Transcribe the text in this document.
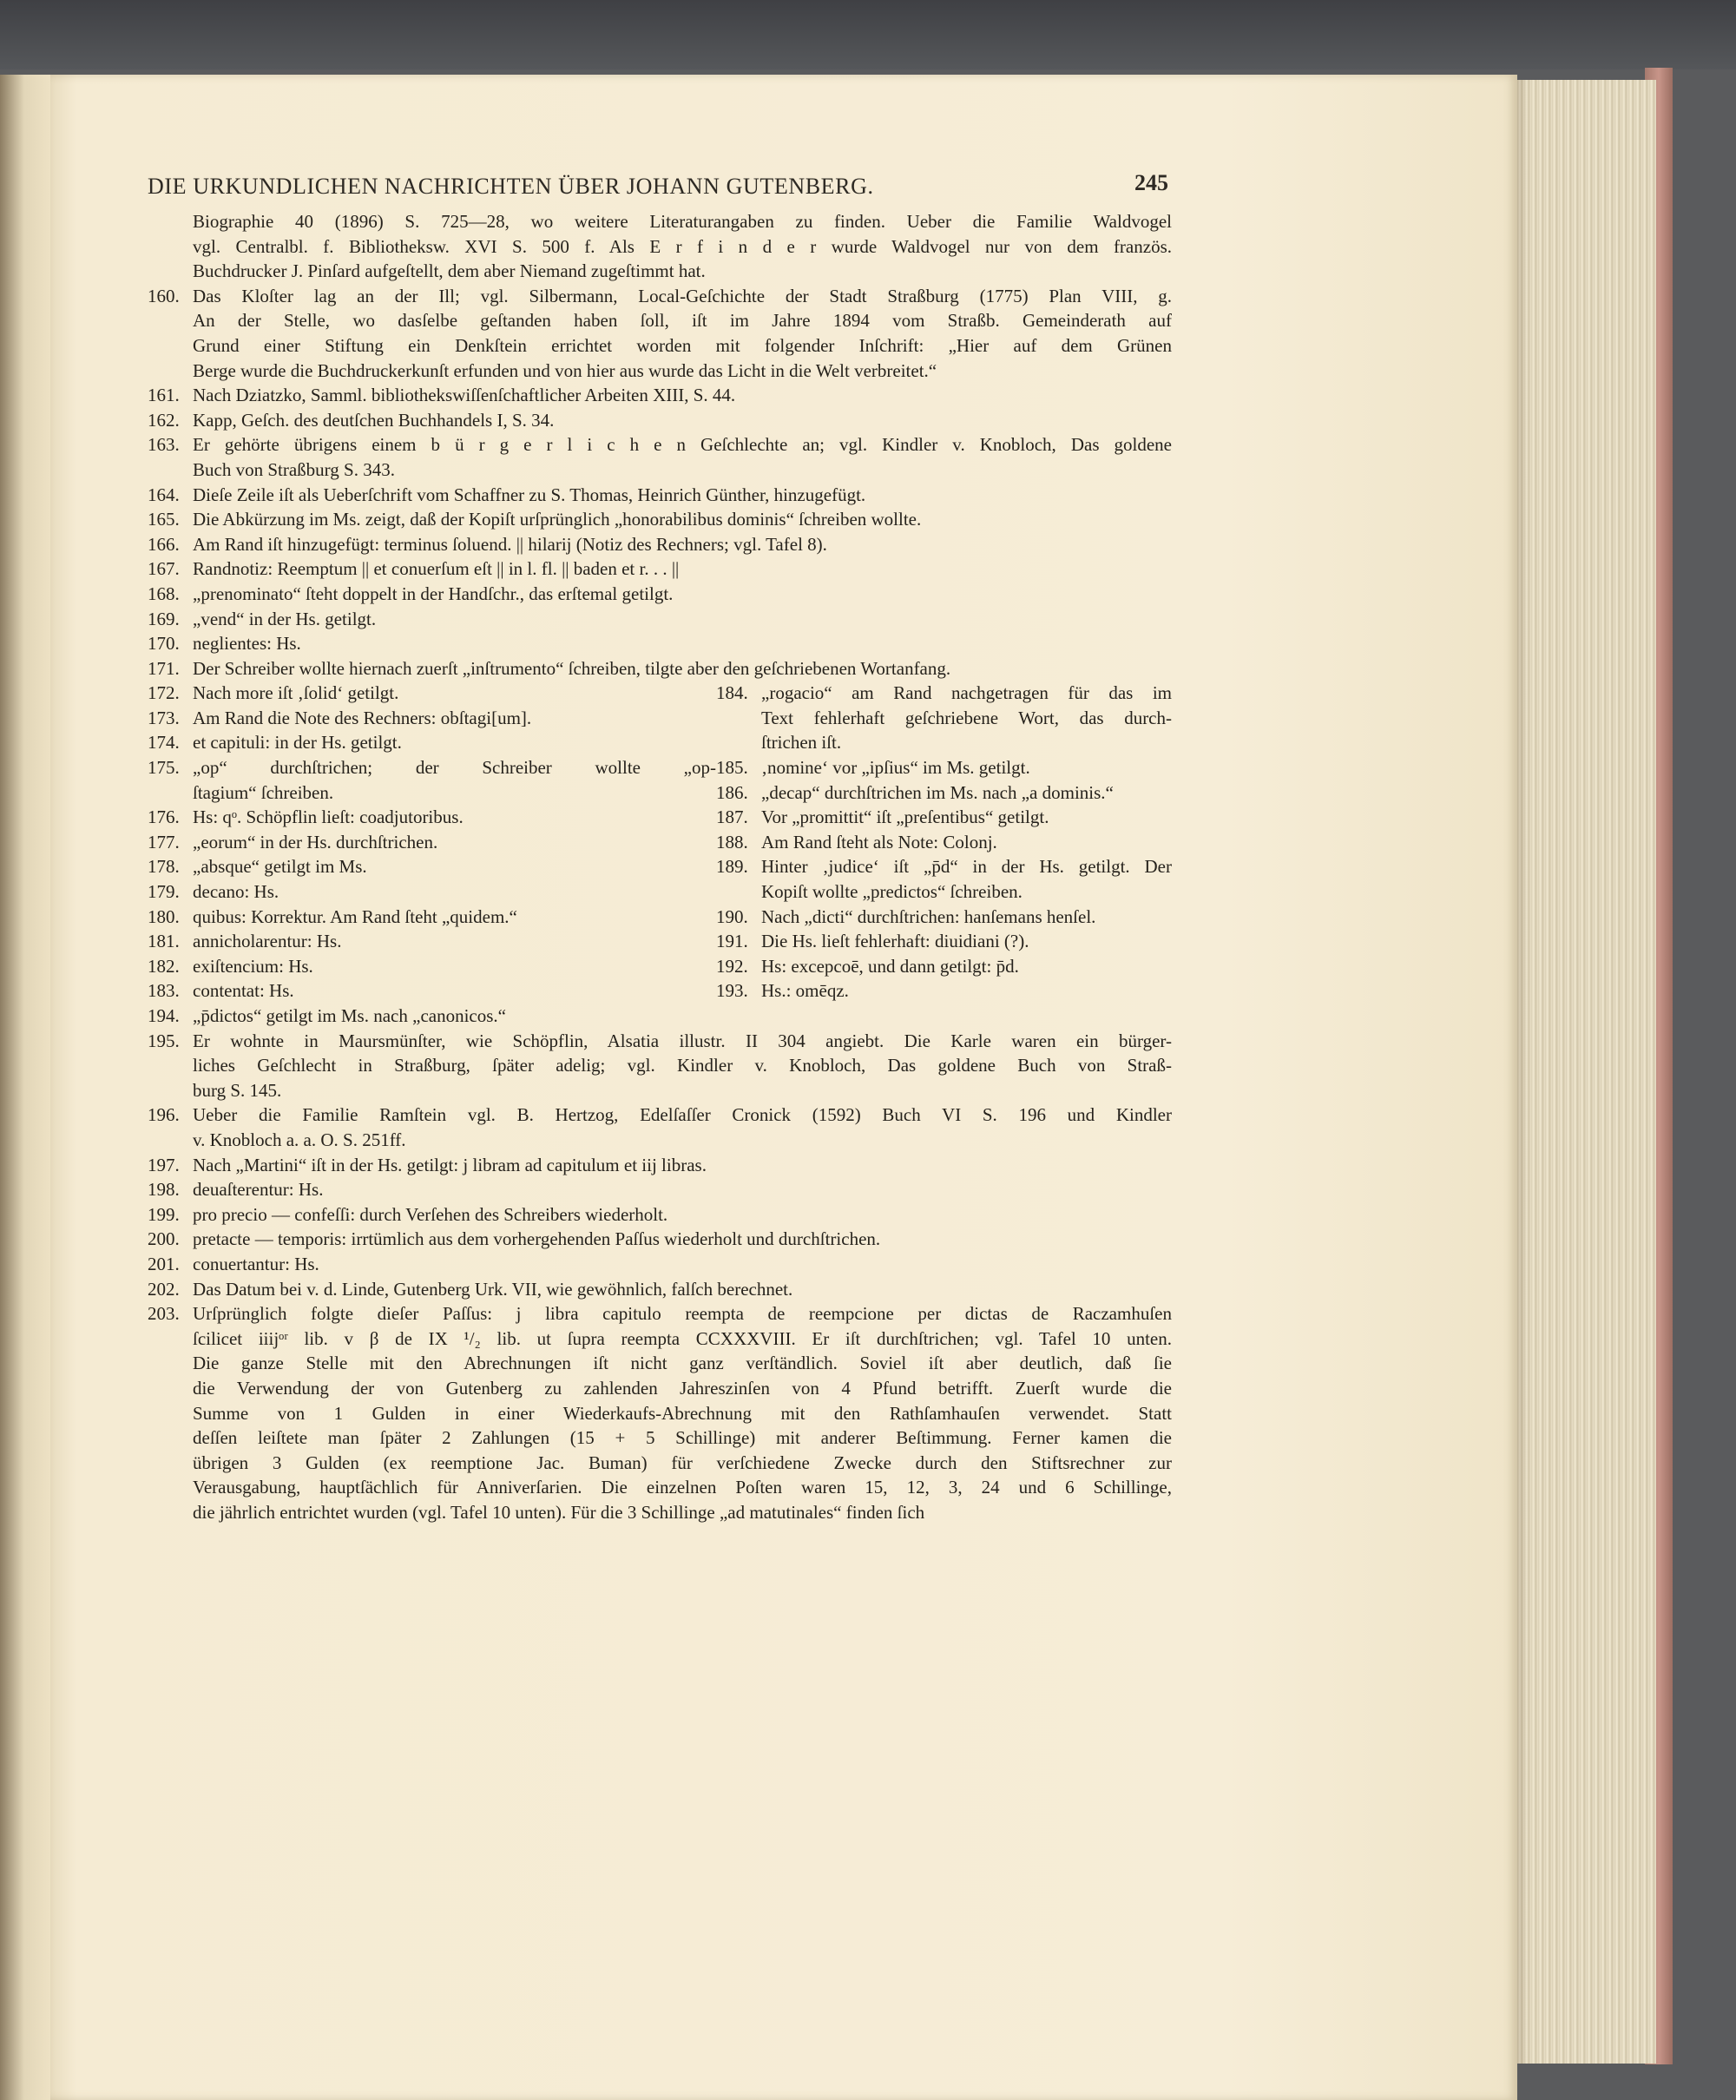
DIE URKUNDLICHEN NACHRICHTEN ÜBER JOHANN GUTENBERG.	245
Biographie 40 (1896) S. 725—28, wo weitere Literaturangaben zu finden. Ueber die Familie Waldvogel
vgl. Centralbl. f. Bibliotheksw. XVI S. 500 f. Als E r f i n d e r wurde Waldvogel nur von dem französ.
Buchdrucker J. Pinſard aufgeſtellt, dem aber Niemand zugeſtimmt hat.
160. Das Kloſter lag an der Ill; vgl. Silbermann, Local-Geſchichte der Stadt Straßburg (1775) Plan VIII, g.
An der Stelle, wo dasſelbe geſtanden haben ſoll, iſt im Jahre 1894 vom Straßb. Gemeinderath auf
Grund einer Stiftung ein Denkſtein errichtet worden mit folgender Inſchrift: „Hier auf dem Grünen
Berge wurde die Buchdruckerkunſt erfunden und von hier aus wurde das Licht in die Welt verbreitet.“
161. Nach Dziatzko, Samml. bibliothekswiſſenſchaftlicher Arbeiten XIII, S. 44.
162. Kapp, Geſch. des deutſchen Buchhandels I, S. 34.
163. Er gehörte übrigens einem b ü r g e r l i c h e n Geſchlechte an; vgl. Kindler v. Knobloch, Das goldene
Buch von Straßburg S. 343.
164. Dieſe Zeile iſt als Ueberſchrift vom Schaffner zu S. Thomas, Heinrich Günther, hinzugefügt.
165. Die Abkürzung im Ms. zeigt, daß der Kopiſt urſprünglich „honorabilibus dominis“ ſchreiben wollte.
166. Am Rand iſt hinzugefügt: terminus ſoluend. || hilarij (Notiz des Rechners; vgl. Tafel 8).
167. Randnotiz: Reemptum || et conuerſum eſt || in l. fl. || baden et r. . . ||
168. „prenominato“ ſteht doppelt in der Handſchr., das erſtemal getilgt.
169. „vend“ in der Hs. getilgt.
170. neglientes: Hs.
171. Der Schreiber wollte hiernach zuerſt „inſtrumento“ ſchreiben, tilgte aber den geſchriebenen Wortanfang.
172. Nach more iſt ‚ſolid‘ getilgt.
173. Am Rand die Note des Rechners: obſtagi[um].
174. et capituli: in der Hs. getilgt.
175. „op“ durchſtrichen; der Schreiber wollte „op-
ſtagium“ ſchreiben.
176. Hs: qᵒ. Schöpflin lieſt: coadjutoribus.
177. „eorum“ in der Hs. durchſtrichen.
178. „absque“ getilgt im Ms.
179. decano: Hs.
180. quibus: Korrektur. Am Rand ſteht „quidem.“
181. annicholarentur: Hs.
182. exiſtencium: Hs.
183. contentat: Hs.
184. „rogacio“ am Rand nachgetragen für das im
Text fehlerhaft geſchriebene Wort, das durch-
ſtrichen iſt.
185. ‚nomine‘ vor „ipſius“ im Ms. getilgt.
186. „decap“ durchſtrichen im Ms. nach „a dominis.“
187. Vor „promittit“ iſt „preſentibus“ getilgt.
188. Am Rand ſteht als Note: Colonj.
189. Hinter ‚judice‘ iſt „p̄d“ in der Hs. getilgt. Der
Kopiſt wollte „predictos“ ſchreiben.
190. Nach „dicti“ durchſtrichen: hanſemans henſel.
191. Die Hs. lieſt fehlerhaft: diuidiani (?).
192. Hs: excepcoē, und dann getilgt: p̄d.
193. Hs.: omēqz.
194. „p̄dictos“ getilgt im Ms. nach „canonicos.“
195. Er wohnte in Maursmünſter, wie Schöpflin, Alsatia illustr. II 304 angiebt. Die Karle waren ein bürger-
liches Geſchlecht in Straßburg, ſpäter adelig; vgl. Kindler v. Knobloch, Das goldene Buch von Straß-
burg S. 145.
196. Ueber die Familie Ramſtein vgl. B. Hertzog, Edelſaſſer Cronick (1592) Buch VI S. 196 und Kindler
v. Knobloch a. a. O. S. 251ff.
197. Nach „Martini“ iſt in der Hs. getilgt: j libram ad capitulum et iij libras.
198. deuaſterentur: Hs.
199. pro precio — confeſſi: durch Verſehen des Schreibers wiederholt.
200. pretacte — temporis: irrtümlich aus dem vorhergehenden Paſſus wiederholt und durchſtrichen.
201. conuertantur: Hs.
202. Das Datum bei v. d. Linde, Gutenberg Urk. VII, wie gewöhnlich, falſch berechnet.
203. Urſprünglich folgte dieſer Paſſus: j libra capitulo reempta de reempcione per dictas de Raczamhuſen
ſcilicet iiijᵒʳ lib. v β de IX ¹/₂ lib. ut ſupra reempta CCXXXVIII. Er iſt durchſtrichen; vgl. Tafel 10 unten.
Die ganze Stelle mit den Abrechnungen iſt nicht ganz verſtändlich. Soviel iſt aber deutlich, daß ſie
die Verwendung der von Gutenberg zu zahlenden Jahreszinſen von 4 Pfund betrifft. Zuerſt wurde die
Summe von 1 Gulden in einer Wiederkaufs-Abrechnung mit den Rathſamhauſen verwendet. Statt
deſſen leiſtete man ſpäter 2 Zahlungen (15 + 5 Schillinge) mit anderer Beſtimmung. Ferner kamen die
übrigen 3 Gulden (ex reemptione Jac. Buman) für verſchiedene Zwecke durch den Stiftsrechner zur
Verausgabung, hauptſächlich für Anniverſarien. Die einzelnen Poſten waren 15, 12, 3, 24 und 6 Schillinge,
die jährlich entrichtet wurden (vgl. Tafel 10 unten). Für die 3 Schillinge „ad matutinales“ finden ſich
